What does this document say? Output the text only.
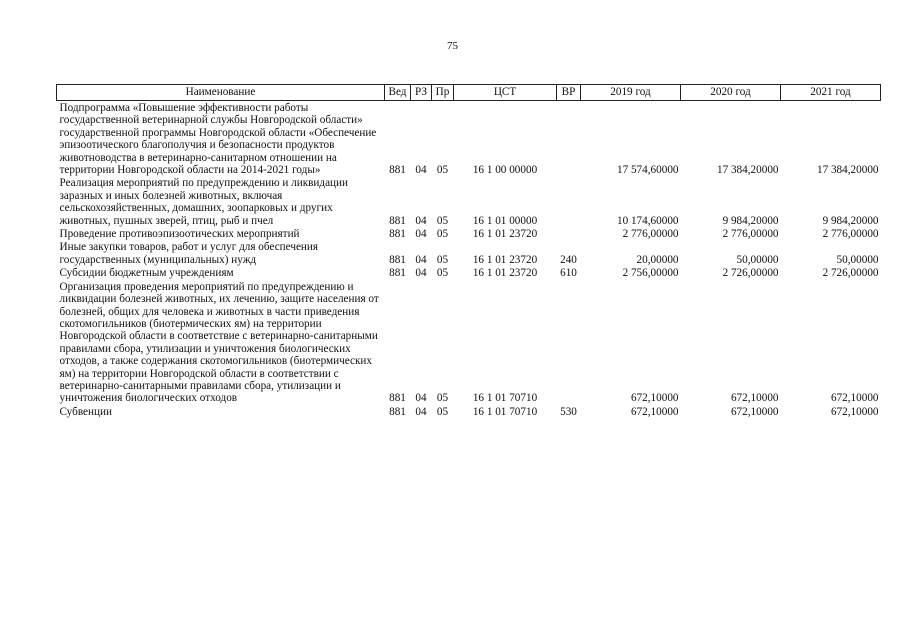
75
Наименование	Вед	РЗ	Пр	ЦСТ	ВР	2019 год	2020 год	2021 год
Подпрограмма «Повышение эффективности работы государственной ветеринарной службы Новгородской области» государственной программы Новгородской области «Обеспечение эпизоотического благополучия и безопасности продуктов животноводства в ветеринарно-санитарном отношении на территории Новгородской области на 2014-2021 годы»	881	04	05	16 1 00 00000		17 574,60000	17 384,20000	17 384,20000
Реализация мероприятий по предупреждению и ликвидации заразных и иных болезней животных, включая сельскохозяйственных, домашних, зоопарковых и других животных, пушных зверей, птиц, рыб и пчел	881	04	05	16 1 01 00000		10 174,60000	9 984,20000	9 984,20000
Проведение противоэпизоотических мероприятий	881	04	05	16 1 01 23720		2 776,00000	2 776,00000	2 776,00000
Иные закупки товаров, работ и услуг для обеспечения государственных (муниципальных) нужд	881	04	05	16 1 01 23720	240	20,00000	50,00000	50,00000
Субсидии бюджетным учреждениям	881	04	05	16 1 01 23720	610	2 756,00000	2 726,00000	2 726,00000
Организация проведения мероприятий по предупреждению и ликвидации болезней животных, их лечению, защите населения от болезней, общих для человека и животных в части приведения скотомогильников (биотермических ям) на территории Новгородской области в соответствие с ветеринарно-санитарными правилами сбора, утилизации и уничтожения биологических отходов, а также содержания скотомогильников (биотермических ям) на территории Новгородской области в соответствии с ветеринарно-санитарными правилами сбора, утилизации и уничтожения биологических отходов	881	04	05	16 1 01 70710		672,10000	672,10000	672,10000
Субвенции	881	04	05	16 1 01 70710	530	672,10000	672,10000	672,10000
